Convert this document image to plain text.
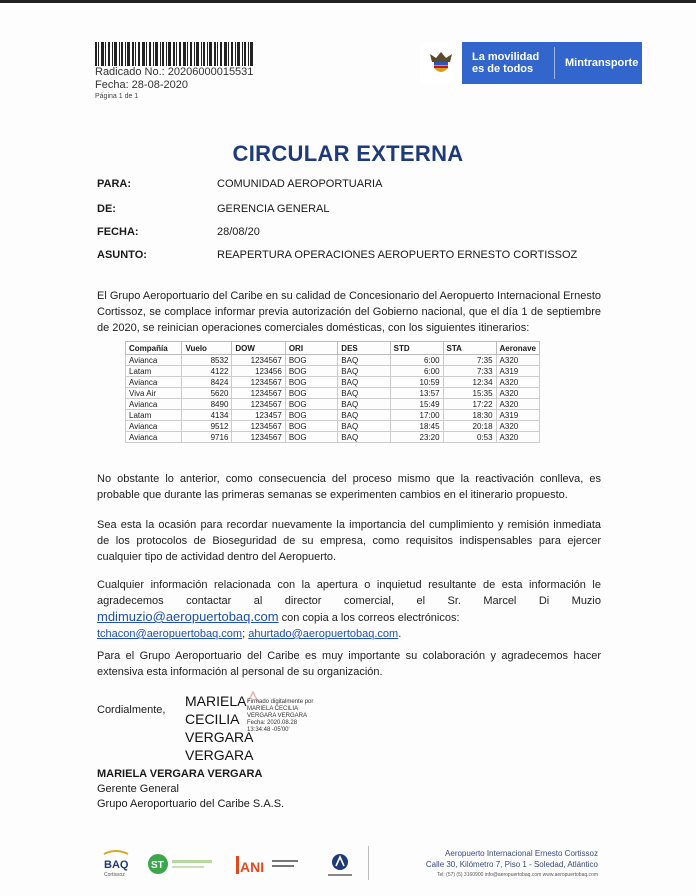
Radicado No.: 20206000015531
Fecha: 28-08-2020
Página 1 de 1
La movilidad es de todos	Mintransporte
CIRCULAR EXTERNA
PARA:	COMUNIDAD AEROPORTUARIA
DE:	GERENCIA GENERAL
FECHA:	28/08/20
ASUNTO:	REAPERTURA OPERACIONES AEROPUERTO ERNESTO CORTISSOZ
El Grupo Aeroportuario del Caribe en su calidad de Concesionario del Aeropuerto Internacional Ernesto Cortissoz, se complace informar previa autorización del Gobierno nacional, que el día 1 de septiembre de 2020, se reinician operaciones comerciales domésticas, con los siguientes itinerarios:
Compañía	Vuelo	DOW	ORI	DES	STD	STA	Aeronave
Avianca	8532	1234567	BOG	BAQ	6:00	7:35	A320
Latam	4122	123456	BOG	BAQ	6:00	7:33	A319
Avianca	8424	1234567	BOG	BAQ	10:59	12:34	A320
Viva Air	5620	1234567	BOG	BAQ	13:57	15:35	A320
Avianca	8490	1234567	BOG	BAQ	15:49	17:22	A320
Latam	4134	123457	BOG	BAQ	17:00	18:30	A319
Avianca	9512	1234567	BOG	BAQ	18:45	20:18	A320
Avianca	9716	1234567	BOG	BAQ	23:20	0:53	A320
No obstante lo anterior, como consecuencia del proceso mismo que la reactivación conlleva, es probable que durante las primeras semanas se experimenten cambios en el itinerario propuesto.
Sea esta la ocasión para recordar nuevamente la importancia del cumplimiento y remisión inmediata de los protocolos de Bioseguridad de su empresa, como requisitos indispensables para ejercer cualquier tipo de actividad dentro del Aeropuerto.
Cualquier información relacionada con la apertura o inquietud resultante de esta información le agradecemos contactar al director comercial, el Sr. Marcel Di Muzio mdimuzio@aeropuertobaq.com con copia a los correos electrónicos:
tchacon@aeropuertobaq.com; ahurtado@aeropuertobaq.com.
Para el Grupo Aeroportuario del Caribe es muy importante su colaboración y agradecemos hacer extensiva esta información al personal de su organización.
Cordialmente,
MARIELA
CECILIA
VERGARA
VERGARA
Firmado digitalmente por MARIELA CECILIA VERGARA VERGARA Fecha: 2020.08.28 13:34:48 -05'00'
MARIELA VERGARA VERGARA
Gerente General
Grupo Aeroportuario del Caribe S.A.S.
BAQ
Cortissoz
ST	ANI
Aeropuerto Internacional Ernesto Cortissoz
Calle 30, Kilómetro 7, Piso 1 - Soledad, Atlántico
Tel: (57) (5) 3160900 info@aeropuertobaq.com www.aeropuertobaq.com
